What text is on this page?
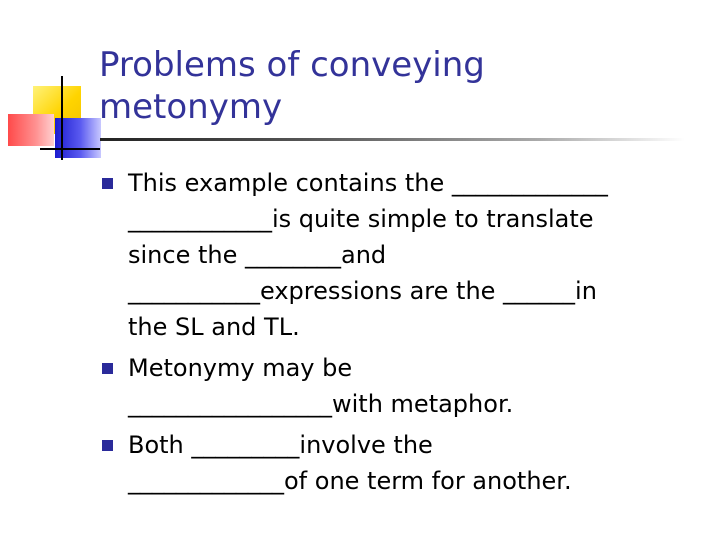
Problems of conveying
metonymy
This example contains the _____________
____________is quite simple to translate
since the ________and
___________expressions are the ______in
the SL and TL.
Metonymy may be
_________________with metaphor.
Both _________involve the
_____________of one term for another.
